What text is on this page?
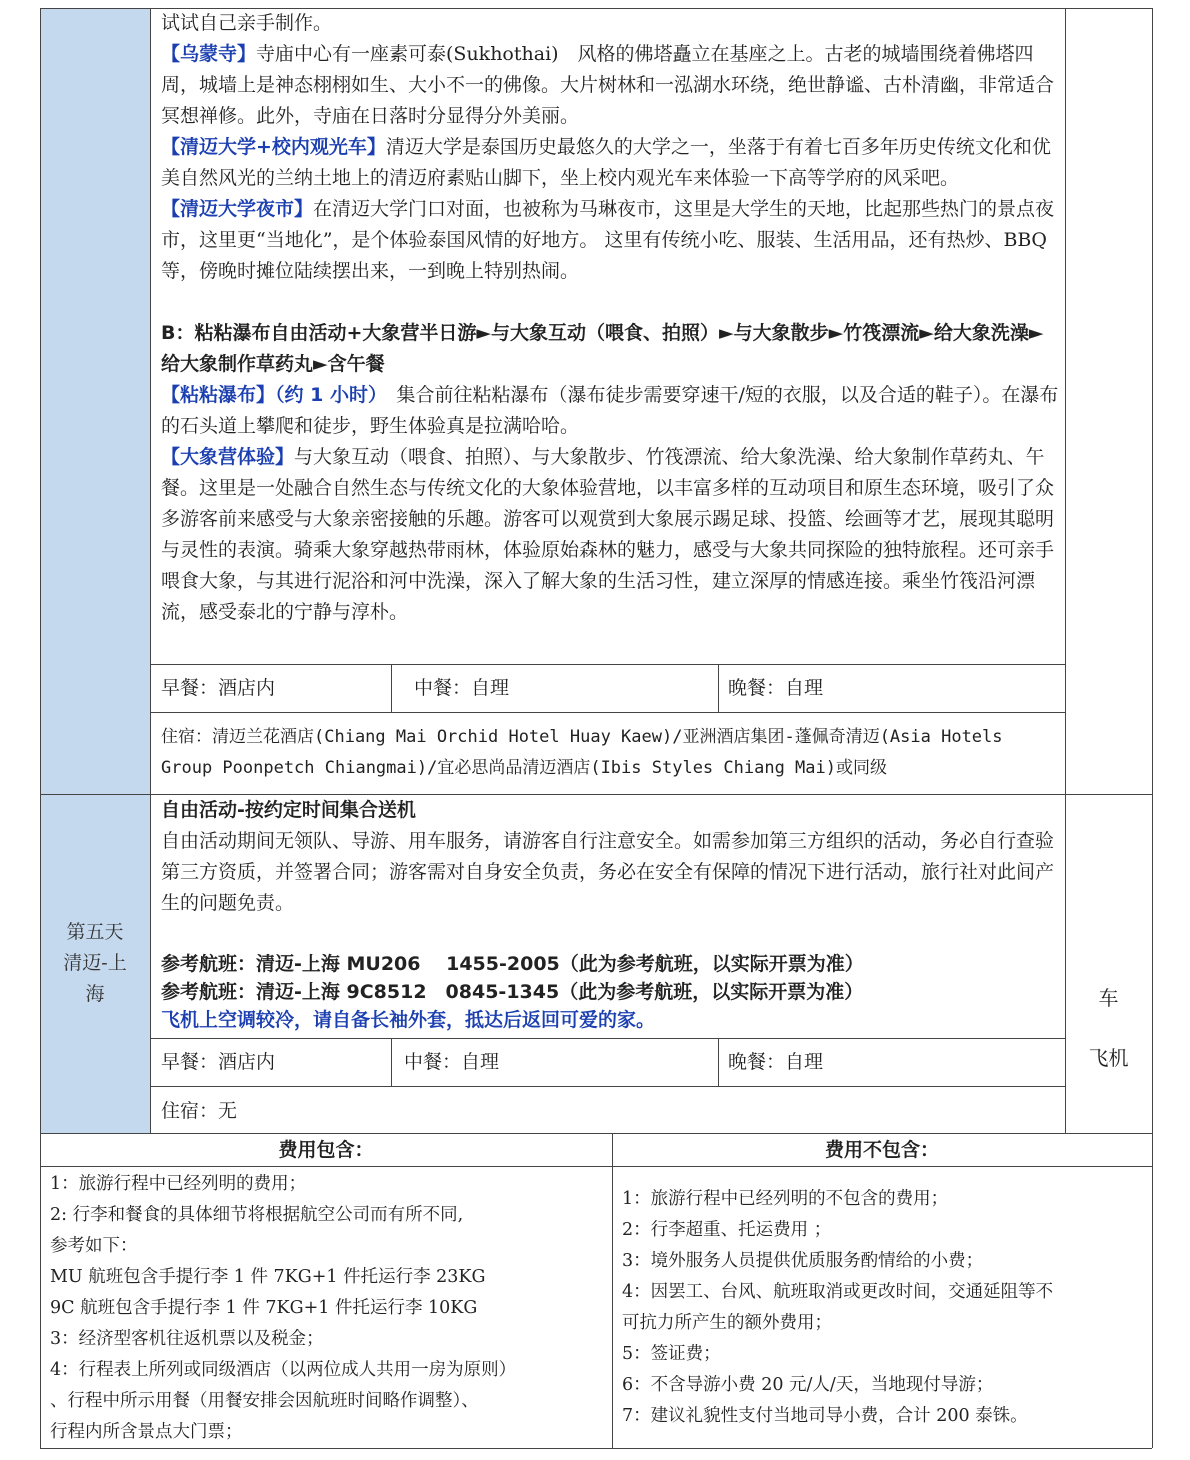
试试自己亲手制作。

【乌蒙寺】寺庙中心有一座素可泰(Sukhothai)　风格的佛塔矗立在基座之上。古老的城墙围绕着佛塔四周，城墙上是神态栩栩如生、大小不一的佛像。大片树林和一泓湖水环绕，绝世静谧、古朴清幽，非常适合冥想禅修。此外，寺庙在日落时分显得分外美丽。

【清迈大学+校内观光车】清迈大学是泰国历史最悠久的大学之一，坐落于有着七百多年历史传统文化和优美自然风光的兰纳土地上的清迈府素贴山脚下，坐上校内观光车来体验一下高等学府的风采吧。

【清迈大学夜市】在清迈大学门口对面，也被称为马琳夜市，这里是大学生的天地，比起那些热门的景点夜市，这里更“当地化”，是个体验泰国风情的好地方。 这里有传统小吃、服装、生活用品，还有热炒、BBQ 等，傍晚时摊位陆续摆出来，一到晚上特别热闹。

B：粘粘瀑布自由活动+大象营半日游►与大象互动（喂食、拍照）►与大象散步►竹筏漂流►给大象洗澡►给大象制作草药丸►含午餐

【粘粘瀑布】（约 1 小时）　集合前往粘粘瀑布（瀑布徒步需要穿速干/短的衣服，以及合适的鞋子）。在瀑布的石头道上攀爬和徒步，野生体验真是拉满哈哈。

【大象营体验】与大象互动（喂食、拍照）、与大象散步、竹筏漂流、给大象洗澡、给大象制作草药丸、午餐。这里是一处融合自然生态与传统文化的大象体验营地，以丰富多样的互动项目和原生态环境，吸引了众多游客前来感受与大象亲密接触的乐趣。游客可以观赏到大象展示踢足球、投篮、绘画等才艺，展现其聪明与灵性的表演。骑乘大象穿越热带雨林，体验原始森林的魅力，感受与大象共同探险的独特旅程。还可亲手喂食大象，与其进行泥浴和河中洗澡，深入了解大象的生活习性，建立深厚的情感连接。乘坐竹筏沿河漂流，感受泰北的宁静与淳朴。

早餐：酒店内	中餐：自理	晚餐：自理

住宿：清迈兰花酒店(Chiang Mai Orchid Hotel Huay Kaew)/亚洲酒店集团-蓬佩奇清迈(Asia Hotels

Group Poonpetch Chiangmai)/宜必思尚品清迈酒店(Ibis Styles Chiang Mai)或同级

第五天
清迈-上海

自由活动-按约定时间集合送机

自由活动期间无领队、导游、用车服务，请游客自行注意安全。如需参加第三方组织的活动，务必自行查验第三方资质，并签署合同；游客需对自身安全负责，务必在安全有保障的情况下进行活动，旅行社对此间产生的问题免责。

参考航班：清迈-上海 MU206　 1455-2005（此为参考航班，以实际开票为准）

参考航班：清迈-上海 9C8512　0845-1345（此为参考航班，以实际开票为准）

飞机上空调较冷，请自备长袖外套，抵达后返回可爱的家。

早餐：酒店内	中餐：自理	晚餐：自理
住宿：无
车
飞机
费用包含：	费用不包含：
1：旅游行程中已经列明的费用；
2: 行李和餐食的具体细节将根据航空公司而有所不同,
参考如下：
MU 航班包含手提行李 1 件 7KG+1 件托运行李 23KG
9C 航班包含手提行李 1 件 7KG+1 件托运行李 10KG
3：经济型客机往返机票以及税金；
4：行程表上所列或同级酒店（以两位成人共用一房为原则）
、行程中所示用餐（用餐安排会因航班时间略作调整）、
行程内所含景点大门票；
1：旅游行程中已经列明的不包含的费用；
2：行李超重、托运费用 ；
3：境外服务人员提供优质服务酌情给的小费；
4：因罢工、台风、航班取消或更改时间，交通延阻等不
可抗力所产生的额外费用；
5：签证费；
6：不含导游小费 20 元/人/天，当地现付导游；
7：建议礼貌性支付当地司导小费，合计 200 泰铢。
